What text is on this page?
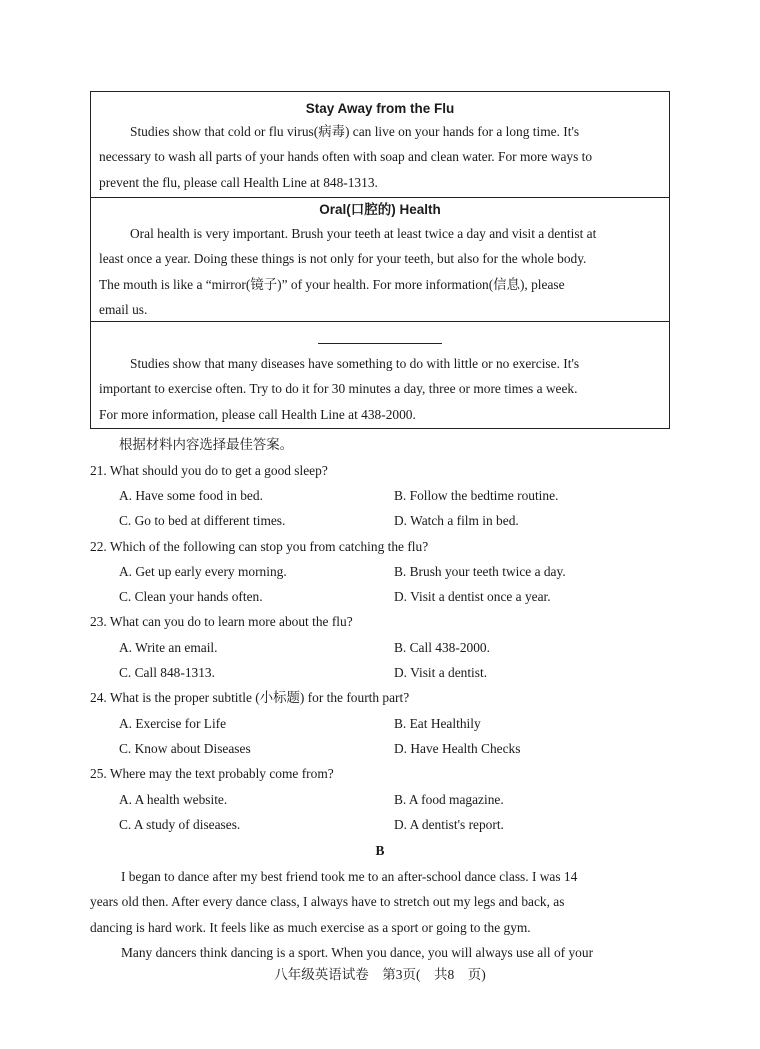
Stay Away from the Flu
Studies show that cold or flu virus(病毒) can live on your hands for a long time. It's
necessary to wash all parts of your hands often with soap and clean water. For more ways to
prevent the flu, please call Health Line at 848-1313.
Oral(口腔的) Health
Oral health is very important. Brush your teeth at least twice a day and visit a dentist at
least once a year. Doing these things is not only for your teeth, but also for the whole body.
The mouth is like a “mirror(镜子)” of your health. For more information(信息), please
email us.
Studies show that many diseases have something to do with little or no exercise. It's
important to exercise often. Try to do it for 30 minutes a day, three or more times a week.
For more information, please call Health Line at 438-2000.
根据材料内容选择最佳答案。
21. What should you do to get a good sleep?
A. Have some food in bed.	B. Follow the bedtime routine.
C. Go to bed at different times.	D. Watch a film in bed.
22. Which of the following can stop you from catching the flu?
A. Get up early every morning.	B. Brush your teeth twice a day.
C. Clean your hands often.	D. Visit a dentist once a year.
23. What can you do to learn more about the flu?
A. Write an email.	B. Call 438-2000.
C. Call 848-1313.	D. Visit a dentist.
24. What is the proper subtitle (小标题) for the fourth part?
A. Exercise for Life	B. Eat Healthily
C. Know about Diseases	D. Have Health Checks
25. Where may the text probably come from?
A. A health website.	B. A food magazine.
C. A study of diseases.	D. A dentist's report.
B
I began to dance after my best friend took me to an after-school dance class. I was 14
years old then. After every dance class, I always have to stretch out my legs and back, as
dancing is hard work. It feels like as much exercise as a sport or going to the gym.
Many dancers think dancing is a sport. When you dance, you will always use all of your
八年级英语试卷　第3页(　共8　页)
